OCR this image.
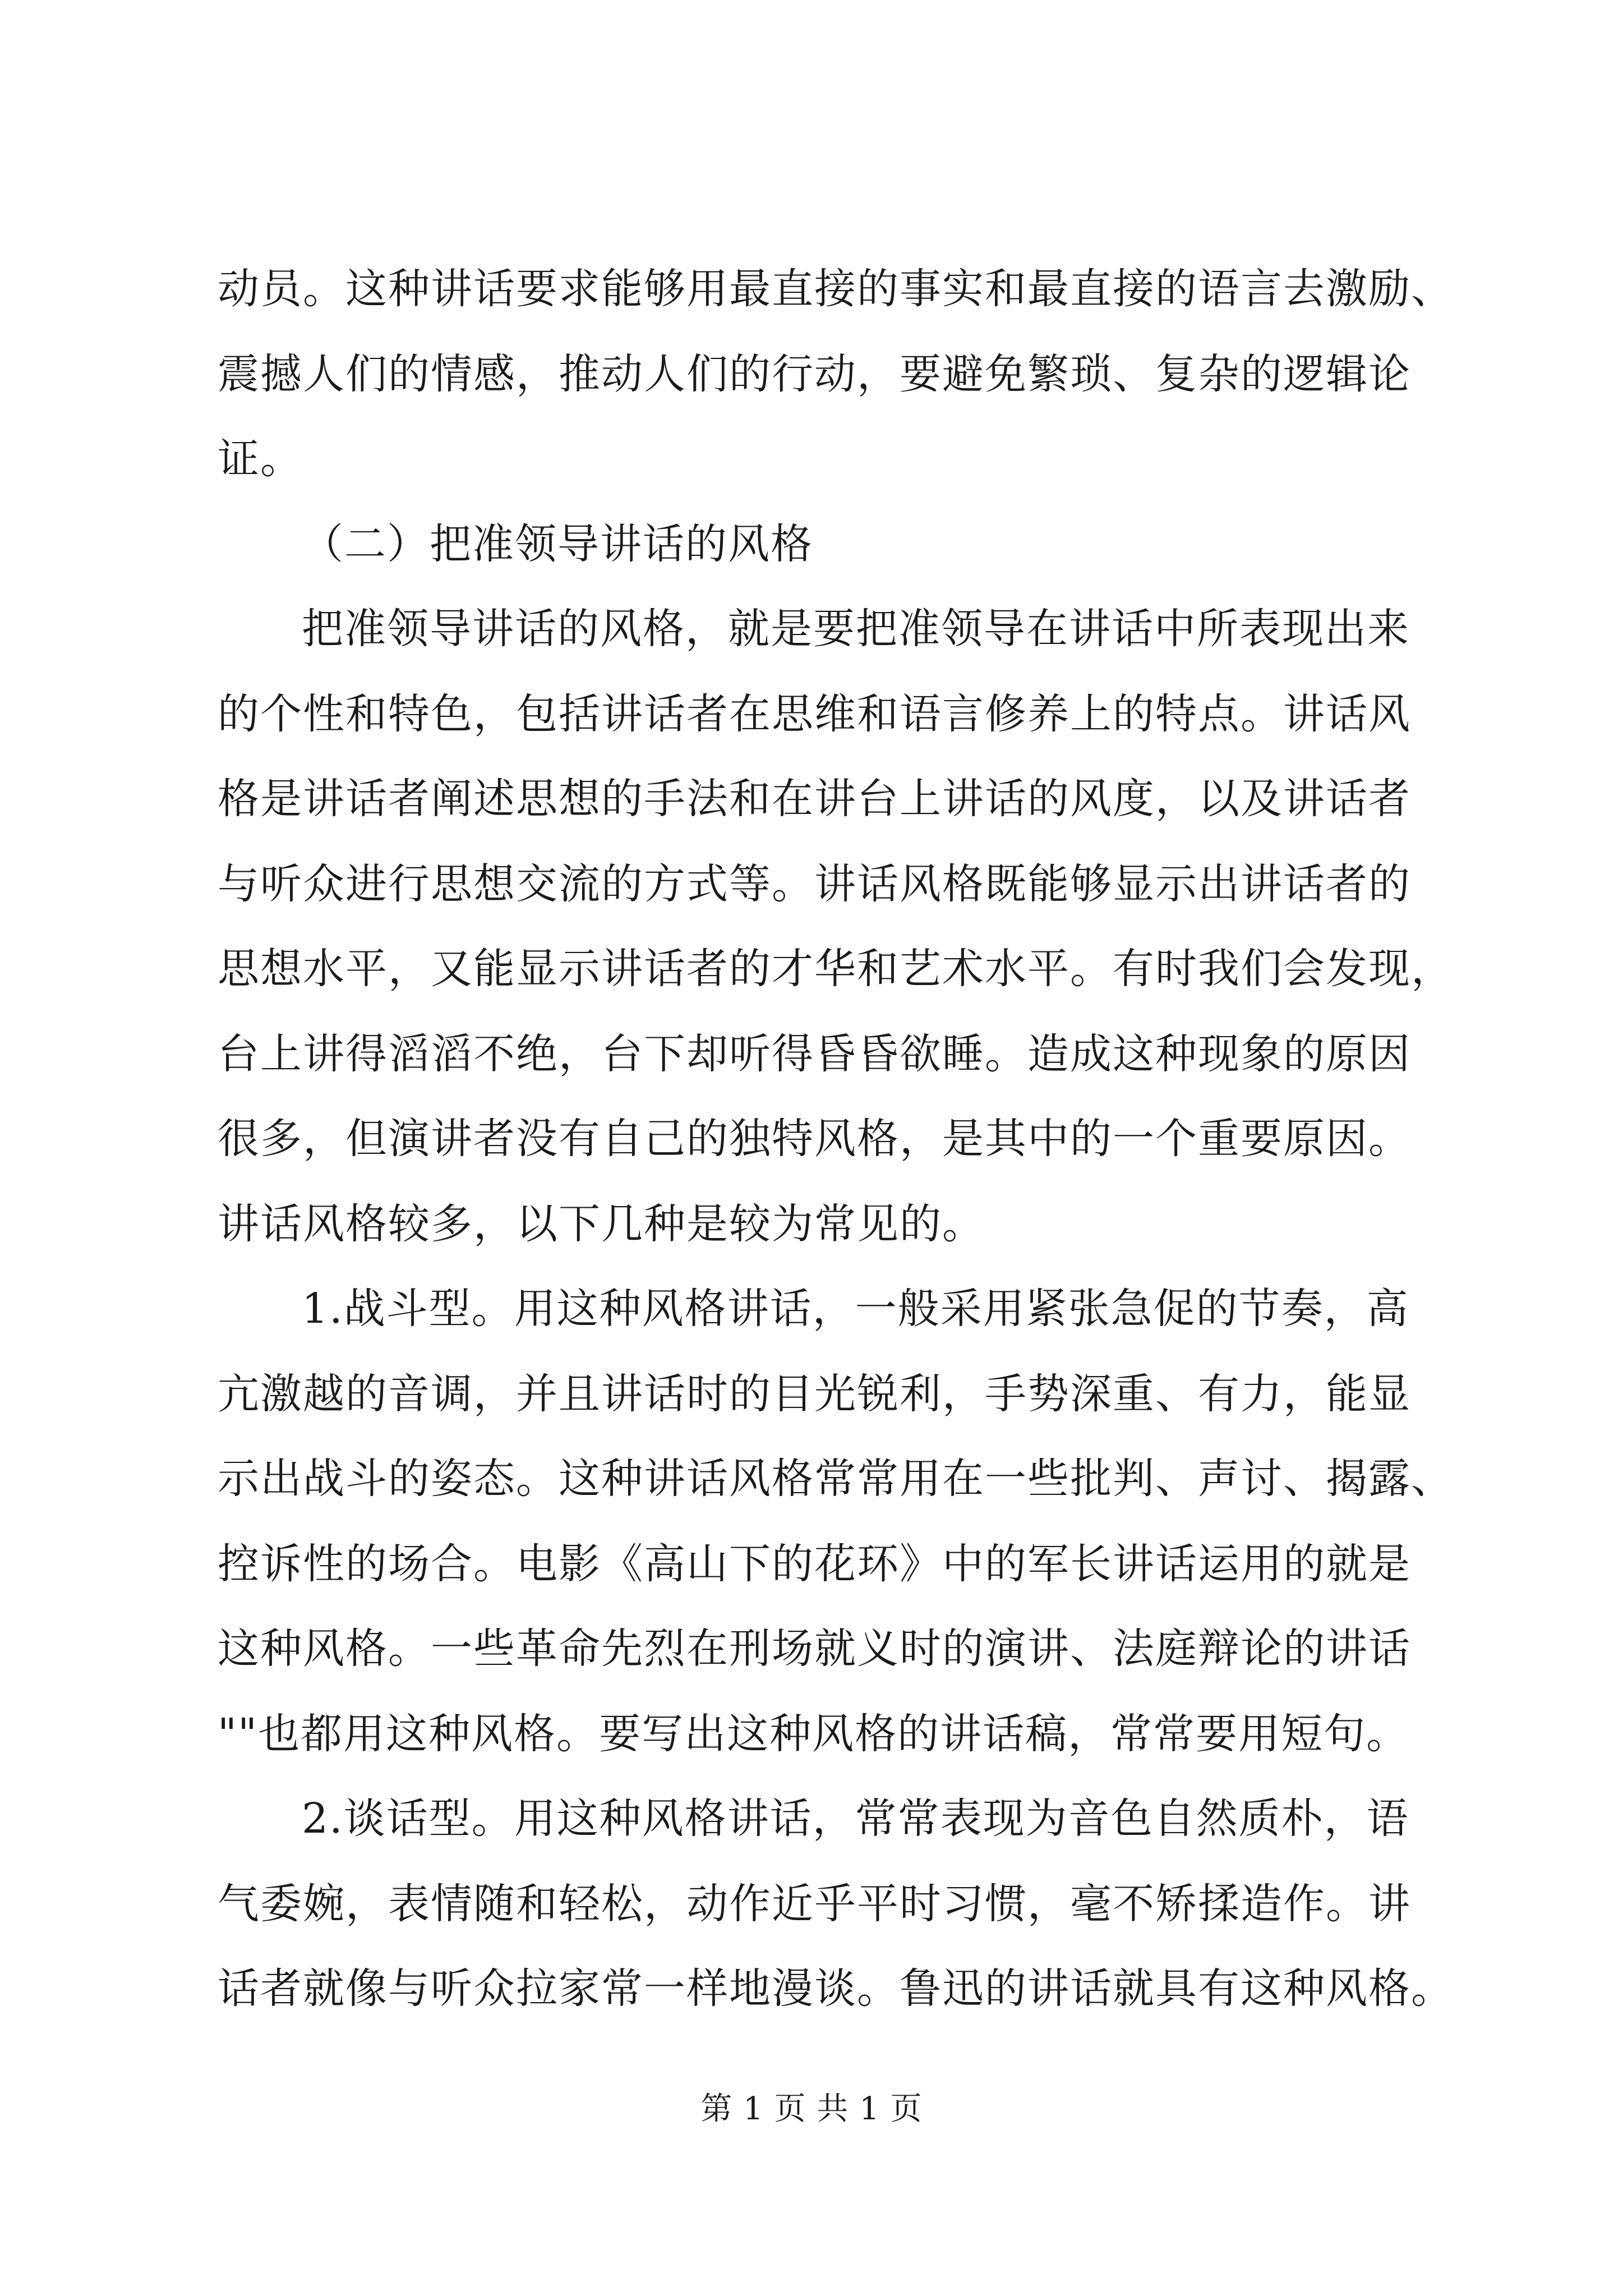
动员。这种讲话要求能够用最直接的事实和最直接的语言去激励、
震撼人们的情感，推动人们的行动，要避免繁琐、复杂的逻辑论
证。
（二）把准领导讲话的风格
把准领导讲话的风格，就是要把准领导在讲话中所表现出来
的个性和特色，包括讲话者在思维和语言修养上的特点。讲话风
格是讲话者阐述思想的手法和在讲台上讲话的风度，以及讲话者
与听众进行思想交流的方式等。讲话风格既能够显示出讲话者的
思想水平，又能显示讲话者的才华和艺术水平。有时我们会发现，
台上讲得滔滔不绝，台下却听得昏昏欲睡。造成这种现象的原因
很多，但演讲者没有自己的独特风格，是其中的一个重要原因。
讲话风格较多，以下几种是较为常见的。
1.战斗型。用这种风格讲话，一般采用紧张急促的节奏，高
亢激越的音调，并且讲话时的目光锐利，手势深重、有力，能显
示出战斗的姿态。这种讲话风格常常用在一些批判、声讨、揭露、
控诉性的场合。电影《高山下的花环》中的军长讲话运用的就是
这种风格。一些革命先烈在刑场就义时的演讲、法庭辩论的讲话
""也都用这种风格。要写出这种风格的讲话稿，常常要用短句。
2.谈话型。用这种风格讲话，常常表现为音色自然质朴，语
气委婉，表情随和轻松，动作近乎平时习惯，毫不矫揉造作。讲
话者就像与听众拉家常一样地漫谈。鲁迅的讲话就具有这种风格。
第 1 页 共 1 页
